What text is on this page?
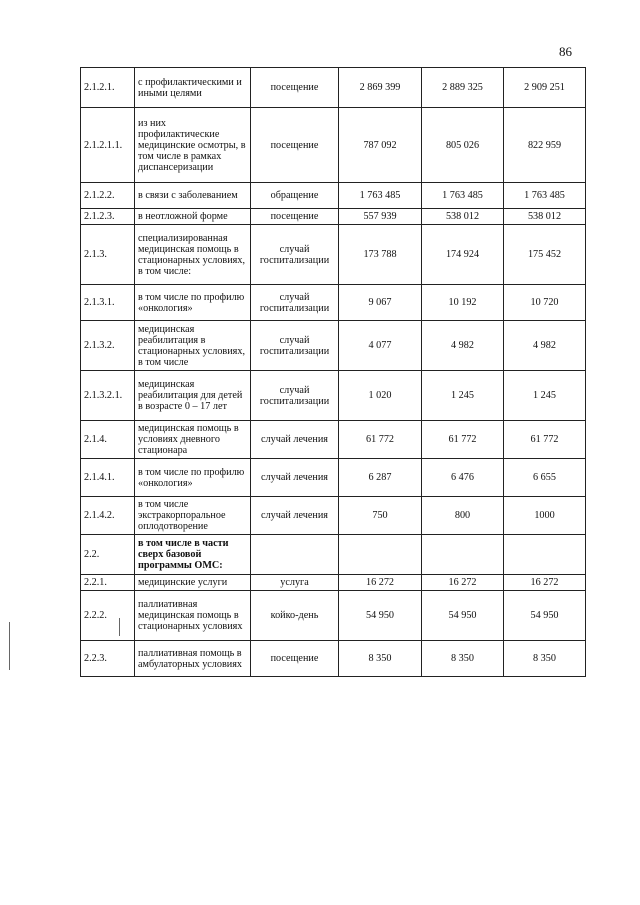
86
2.1.2.1.	с профилактическими и иными целями	посещение	2 869 399	2 889 325	2 909 251
2.1.2.1.1.	из них профилактические медицинские осмотры, в том числе в рамках диспансеризации	посещение	787 092	805 026	822 959
2.1.2.2.	в связи с заболеванием	обращение	1 763 485	1 763 485	1 763 485
2.1.2.3.	в неотложной форме	посещение	557 939	538 012	538 012
2.1.3.	специализированная медицинская помощь в стационарных условиях, в том числе:	случай госпитализации	173 788	174 924	175 452
2.1.3.1.	в том числе по профилю «онкология»	случай госпитализации	9 067	10 192	10 720
2.1.3.2.	медицинская реабилитация в стационарных условиях, в том числе	случай госпитализации	4 077	4 982	4 982
2.1.3.2.1.	медицинская реабилитация для детей в возрасте 0 – 17 лет	случай госпитализации	1 020	1 245	1 245
2.1.4.	медицинская помощь в условиях дневного стационара	случай лечения	61 772	61 772	61 772
2.1.4.1.	в том числе по профилю «онкология»	случай лечения	6 287	6 476	6 655
2.1.4.2.	в том числе экстракорпоральное оплодотворение	случай лечения	750	800	1000
2.2.	в том числе в части сверх базовой программы ОМС:				
2.2.1.	медицинские услуги	услуга	16 272	16 272	16 272
2.2.2.	паллиативная медицинская помощь в стационарных условиях	койко-день	54 950	54 950	54 950
2.2.3.	паллиативная помощь в амбулаторных условиях	посещение	8 350	8 350	8 350
